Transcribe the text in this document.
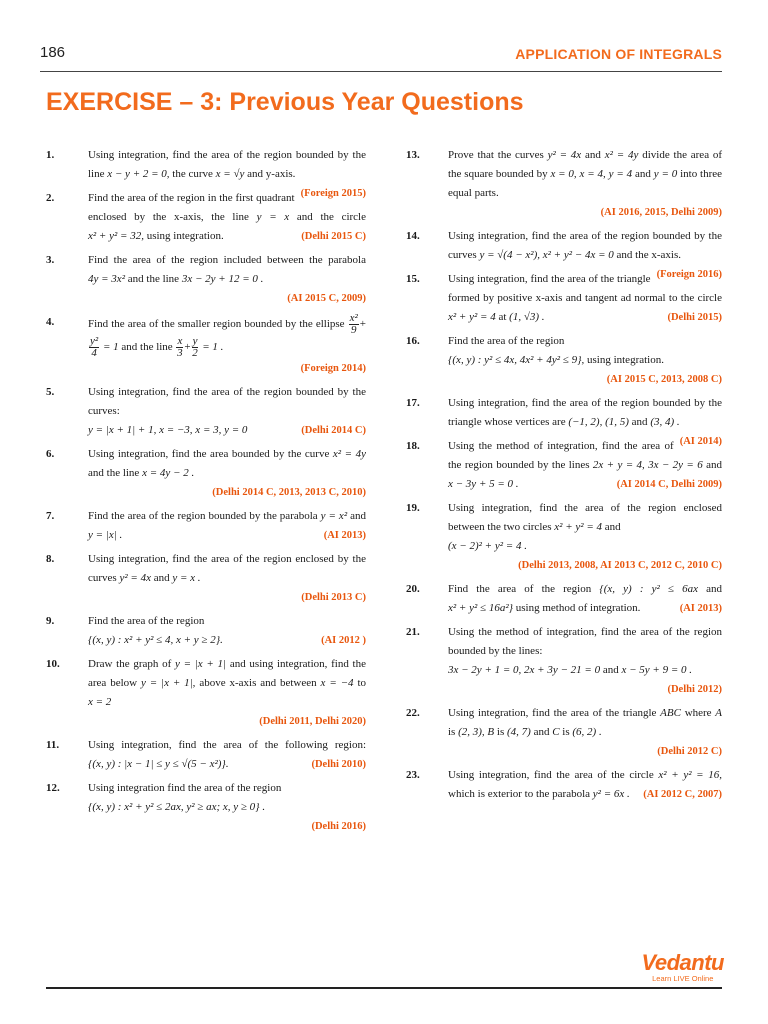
186	APPLICATION OF INTEGRALS
EXERCISE – 3: Previous Year Questions
1.	Using integration, find the area of the region bounded by the line x − y + 2 = 0, the curve x = √y and y-axis.
(Foreign 2015)
2.	Find the area of the region in the first quadrant enclosed by the x-axis, the line y = x and the circle x² + y² = 32, using integration.	(Delhi 2015 C)
3.	Find the area of the region included between the parabola 4y = 3x² and the line 3x − 2y + 12 = 0 .
(AI 2015 C, 2009)
4.	Find the area of the smaller region bounded by the ellipse $\frac{\text{x²}}{9}$ +
$\frac{\text{y²}}{4} = 1$ and the line $\frac{x}{3} + \frac{y}{2} = 1$ .
(Foreign 2014)
5.	Using integration, find the area of the region bounded by the curves:
y = |x + 1| + 1, x = −3, x = 3, y = 0	(Delhi 2014 C)
6.	Using integration, find the area bounded by the curve x² = 4y and the line x = 4y − 2 .
(Delhi 2014 C, 2013, 2013 C, 2010)
7.	Find the area of the region bounded by the parabola y = x² and y = |x| .	(AI 2013)
8.	Using integration, find the area of the region enclosed by the curves y² = 4x and y = x .
(Delhi 2013 C)
9.	Find the area of the region
{(x, y) : x² + y² ≤ 4, x + y ≥ 2}.	(AI 2012 )
10.	Draw the graph of y = |x + 1| and using integration, find the area below y = |x + 1|, above x-axis and between x = −4 to x = 2
(Delhi 2011, Delhi 2020)
11.	Using integration, find the area of the following region: {(x, y) : |x − 1| ≤ y ≤ √(5 − x²)}.	(Delhi 2010)
12.	Using integration find the area of the region
{(x, y) : x² + y² ≤ 2ax, y² ≥ ax; x, y ≥ 0} .
(Delhi 2016)
13.	Prove that the curves y² = 4x and x² = 4y divide the area of the square bounded by x = 0, x = 4, y = 4 and y = 0 into three equal parts.
(AI 2016, 2015, Delhi 2009)
14.	Using integration, find the area of the region bounded by the curves y = √(4 − x²), x² + y² − 4x = 0 and the x-axis.
(Foreign 2016)
15.	Using integration, find the area of the triangle formed by positive x-axis and tangent ad normal to the circle x² + y² = 4 at (1, √3) .	(Delhi 2015)
16.	Find the area of the region
{(x, y) : y² ≤ 4x, 4x² + 4y² ≤ 9}, using integration.
(AI 2015 C, 2013, 2008 C)
17.	Using integration, find the area of the region bounded by the triangle whose vertices are (−1, 2), (1, 5) and (3, 4) .
(AI 2014)
18.	Using the method of integration, find the area of the region bounded by the lines 2x + y = 4, 3x − 2y = 6 and x − 3y + 5 = 0 .	(AI 2014 C, Delhi 2009)
19.	Using integration, find the area of the region enclosed between the two circles x² + y² = 4 and
(x − 2)² + y² = 4 .
(Delhi 2013, 2008, AI 2013 C, 2012 C, 2010 C)
20.	Find the area of the region {(x, y) : y² ≤ 6ax and x² + y² ≤ 16a²} using method of integration.	(AI 2013)
21.	Using the method of integration, find the area of the region bounded by the lines:
3x − 2y + 1 = 0, 2x + 3y − 21 = 0 and x − 5y + 9 = 0 .
(Delhi 2012)
22.	Using integration, find the area of the triangle ABC where A is (2, 3), B is (4, 7) and C is (6, 2) .
(Delhi 2012 C)
23.	Using integration, find the area of the circle x² + y² = 16, which is exterior to the parabola y² = 6x . (AI 2012 C, 2007)
Vedantu
Learn LIVE Online
